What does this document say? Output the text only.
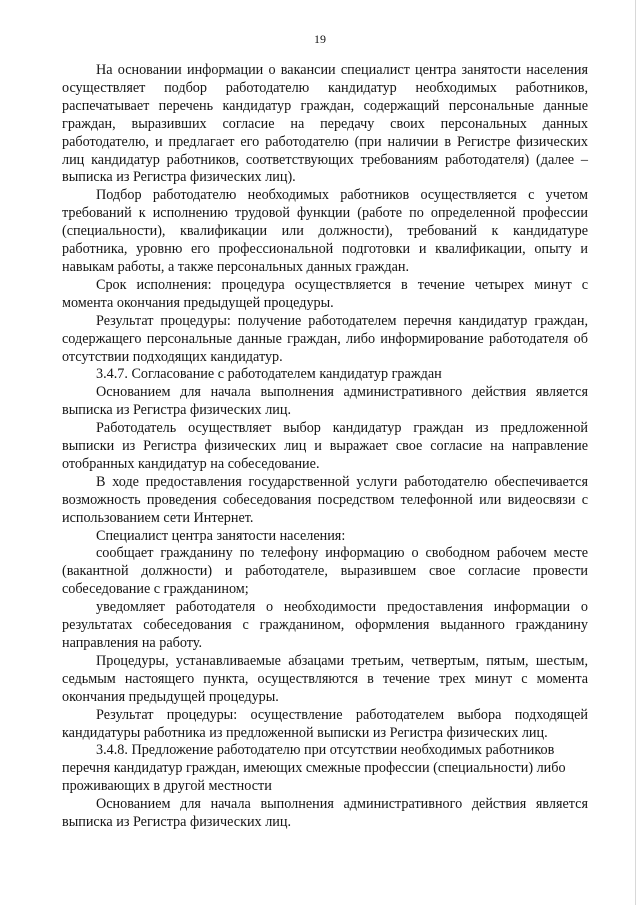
19

На основании информации о вакансии специалист центра занятости населения осуществляет подбор работодателю кандидатур необходимых работников, распечатывает перечень кандидатур граждан, содержащий персональные данные граждан, выразивших согласие на передачу своих персональных данных работодателю, и предлагает его работодателю (при наличии в Регистре физических лиц кандидатур работников, соответствующих требованиям работодателя) (далее – выписка из Регистра физических лиц).

Подбор работодателю необходимых работников осуществляется с учетом требований к исполнению трудовой функции (работе по определенной профессии (специальности), квалификации или должности), требований к кандидатуре работника, уровню его профессиональной подготовки и квалификации, опыту и навыкам работы, а также персональных данных граждан.

Срок исполнения: процедура осуществляется в течение четырех минут с момента окончания предыдущей процедуры.

Результат процедуры: получение работодателем перечня кандидатур граждан, содержащего персональные данные граждан, либо информирование работодателя об отсутствии подходящих кандидатур.

3.4.7. Согласование с работодателем кандидатур граждан

Основанием для начала выполнения административного действия является выписка из Регистра физических лиц.

Работодатель осуществляет выбор кандидатур граждан из предложенной выписки из Регистра физических лиц и выражает свое согласие на направление отобранных кандидатур на собеседование.

В ходе предоставления государственной услуги работодателю обеспечивается возможность проведения собеседования посредством телефонной или видеосвязи с использованием сети Интернет.

Специалист центра занятости населения:

сообщает гражданину по телефону информацию о свободном рабочем месте (вакантной должности) и работодателе, выразившем свое согласие провести собеседование с гражданином;

уведомляет работодателя о необходимости предоставления информации о результатах собеседования с гражданином, оформления выданного гражданину направления на работу.

Процедуры, устанавливаемые абзацами третьим, четвертым, пятым, шестым, седьмым настоящего пункта, осуществляются в течение трех минут с момента окончания предыдущей процедуры.

Результат процедуры: осуществление работодателем выбора подходящей кандидатуры работника из предложенной выписки из Регистра физических лиц.

3.4.8. Предложение работодателю при отсутствии необходимых работников перечня кандидатур граждан, имеющих смежные профессии (специальности) либо проживающих в другой местности

Основанием для начала выполнения административного действия является выписка из Регистра физических лиц.
